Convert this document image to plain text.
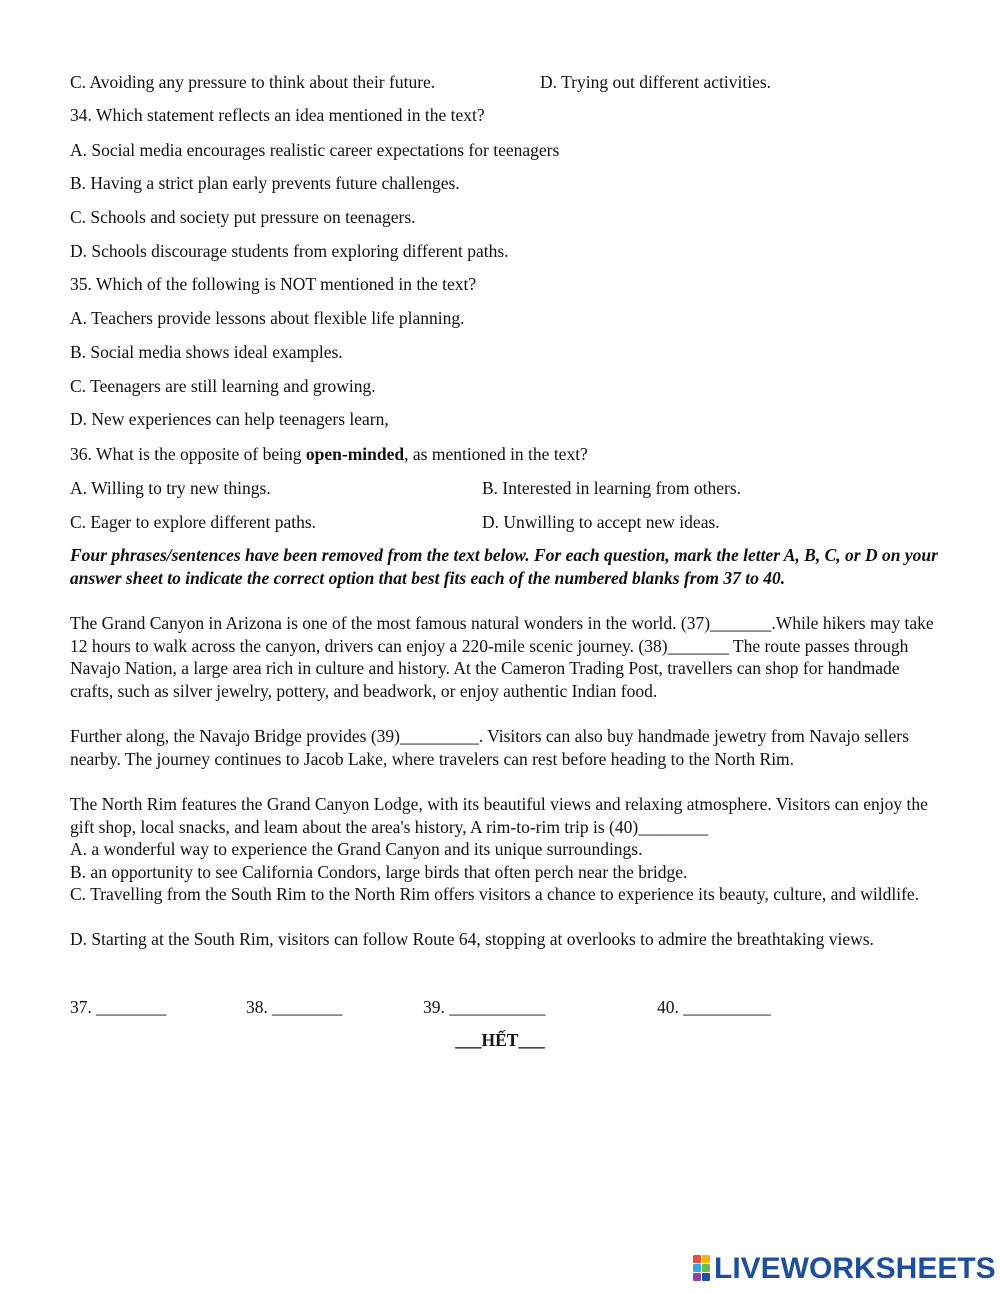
C. Avoiding any pressure to think about their future.	D. Trying out different activities.
34. Which statement reflects an idea mentioned in the text?
A. Social media encourages realistic career expectations for teenagers
B. Having a strict plan early prevents future challenges.
C. Schools and society put pressure on teenagers.
D. Schools discourage students from exploring different paths.
35. Which of the following is NOT mentioned in the text?
A. Teachers provide lessons about flexible life planning.
B. Social media shows ideal examples.
C. Teenagers are still learning and growing.
D. New experiences can help teenagers learn,
36. What is the opposite of being open-minded, as mentioned in the text?
A. Willing to try new things.	B. Interested in learning from others.
C. Eager to explore different paths.	D. Unwilling to accept new ideas.
Four phrases/sentences have been removed from the text below. For each question, mark the letter A, B, C, or D on your answer sheet to indicate the correct option that best fits each of the numbered blanks from 37 to 40.
The Grand Canyon in Arizona is one of the most famous natural wonders in the world. (37)_______.While hikers may take 12 hours to walk across the canyon, drivers can enjoy a 220-mile scenic journey. (38)_______ The route passes through Navajo Nation, a large area rich in culture and history. At the Cameron Trading Post, travellers can shop for handmade crafts, such as silver jewelry, pottery, and beadwork, or enjoy authentic Indian food.
Further along, the Navajo Bridge provides (39)_________. Visitors can also buy handmade jewetry from Navajo sellers nearby. The journey continues to Jacob Lake, where travelers can rest before heading to the North Rim.
The North Rim features the Grand Canyon Lodge, with its beautiful views and relaxing atmosphere. Visitors can enjoy the gift shop, local snacks, and leam about the area's history, A rim-to-rim trip is (40)________
A. a wonderful way to experience the Grand Canyon and its unique surroundings.
B. an opportunity to see California Condors, large birds that often perch near the bridge.
C. Travelling from the South Rim to the North Rim offers visitors a chance to experience its beauty, culture, and wildlife.
D. Starting at the South Rim, visitors can follow Route 64, stopping at overlooks to admire the breathtaking views.
37. ________	38. ________	39. ___________	40. __________
___HẾT___
LIVEWORKSHEETS
